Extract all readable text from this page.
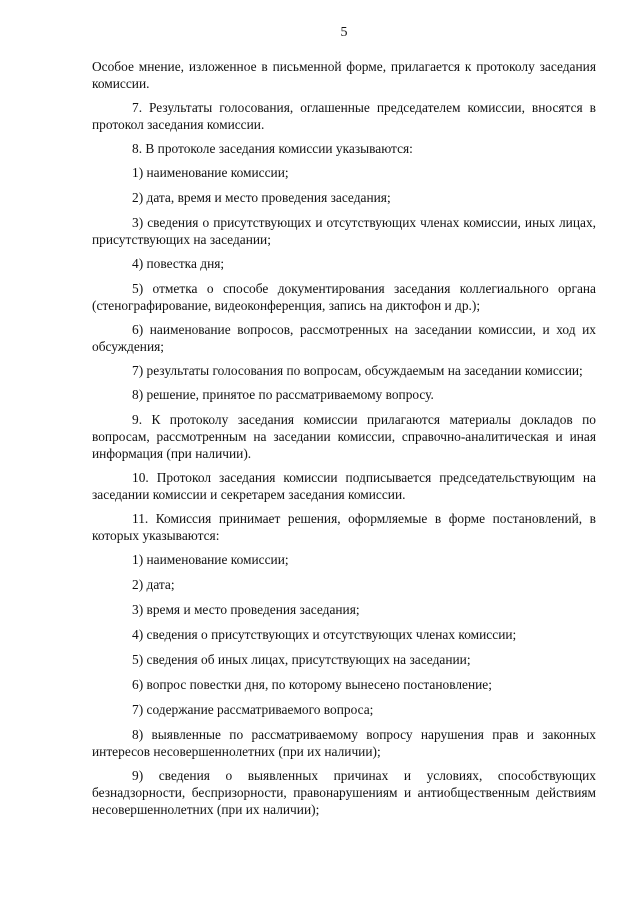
5

Особое мнение, изложенное в письменной форме, прилагается к протоколу заседания комиссии.

7. Результаты голосования, оглашенные председателем комиссии, вносятся в протокол заседания комиссии.

8. В протоколе заседания комиссии указываются:

1) наименование комиссии;

2) дата, время и место проведения заседания;

3) сведения о присутствующих и отсутствующих членах комиссии, иных лицах, присутствующих на заседании;

4) повестка дня;

5) отметка о способе документирования заседания коллегиального органа (стенографирование, видеоконференция, запись на диктофон и др.);

6) наименование вопросов, рассмотренных на заседании комиссии, и ход их обсуждения;

7) результаты голосования по вопросам, обсуждаемым на заседании комиссии;

8) решение, принятое по рассматриваемому вопросу.

9. К протоколу заседания комиссии прилагаются материалы докладов по вопросам, рассмотренным на заседании комиссии, справочно-аналитическая и иная информация (при наличии).

10. Протокол заседания комиссии подписывается председательствующим на заседании комиссии и секретарем заседания комиссии.

11. Комиссия принимает решения, оформляемые в форме постановлений, в которых указываются:

1) наименование комиссии;

2) дата;

3) время и место проведения заседания;

4) сведения о присутствующих и отсутствующих членах комиссии;

5) сведения об иных лицах, присутствующих на заседании;

6) вопрос повестки дня, по которому вынесено постановление;

7) содержание рассматриваемого вопроса;

8) выявленные по рассматриваемому вопросу нарушения прав и законных интересов несовершеннолетних (при их наличии);

9) сведения о выявленных причинах и условиях, способствующих безнадзорности, беспризорности, правонарушениям и антиобщественным действиям несовершеннолетних (при их наличии);
